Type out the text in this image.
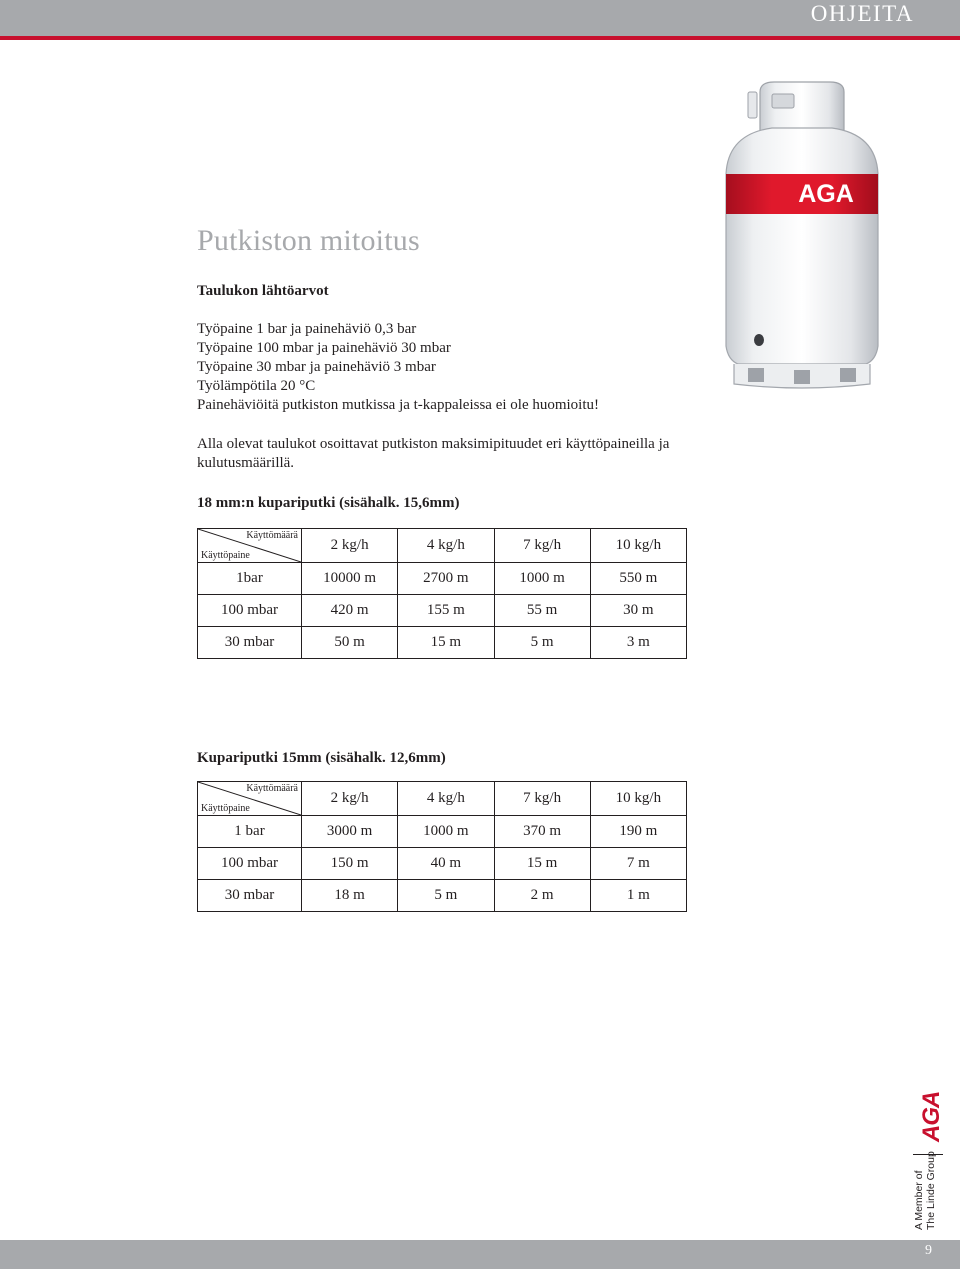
OHJEITA
AGA
Putkiston mitoitus
Taulukon lähtöarvot
Työpaine 1 bar ja painehäviö 0,3 bar
Työpaine 100 mbar ja painehäviö 30 mbar
Työpaine 30 mbar ja painehäviö 3 mbar
Työlämpötila 20 °C
Painehäviöitä putkiston mutkissa ja t-kappaleissa ei ole huomioitu!
Alla olevat taulukot osoittavat putkiston maksimipituudet eri käyttöpaineilla ja kulutusmäärillä.
18 mm:n kupariputki (sisähalk. 15,6mm)
Käyttömäärä
Käyttöpaine	2 kg/h	4 kg/h	7 kg/h	10 kg/h
1bar	10000 m	2700 m	1000 m	550 m
100 mbar	420 m	155 m	55 m	30 m
30 mbar	50 m	15 m	5 m	3 m
Kupariputki 15mm (sisähalk. 12,6mm)
Käyttömäärä
Käyttöpaine	2 kg/h	4 kg/h	7 kg/h	10 kg/h
1 bar	3000 m	1000 m	370 m	190 m
100 mbar	150 m	40 m	15 m	7 m
30 mbar	18 m	5 m	2 m	1 m
AGA
A Member of The Linde Group
9
